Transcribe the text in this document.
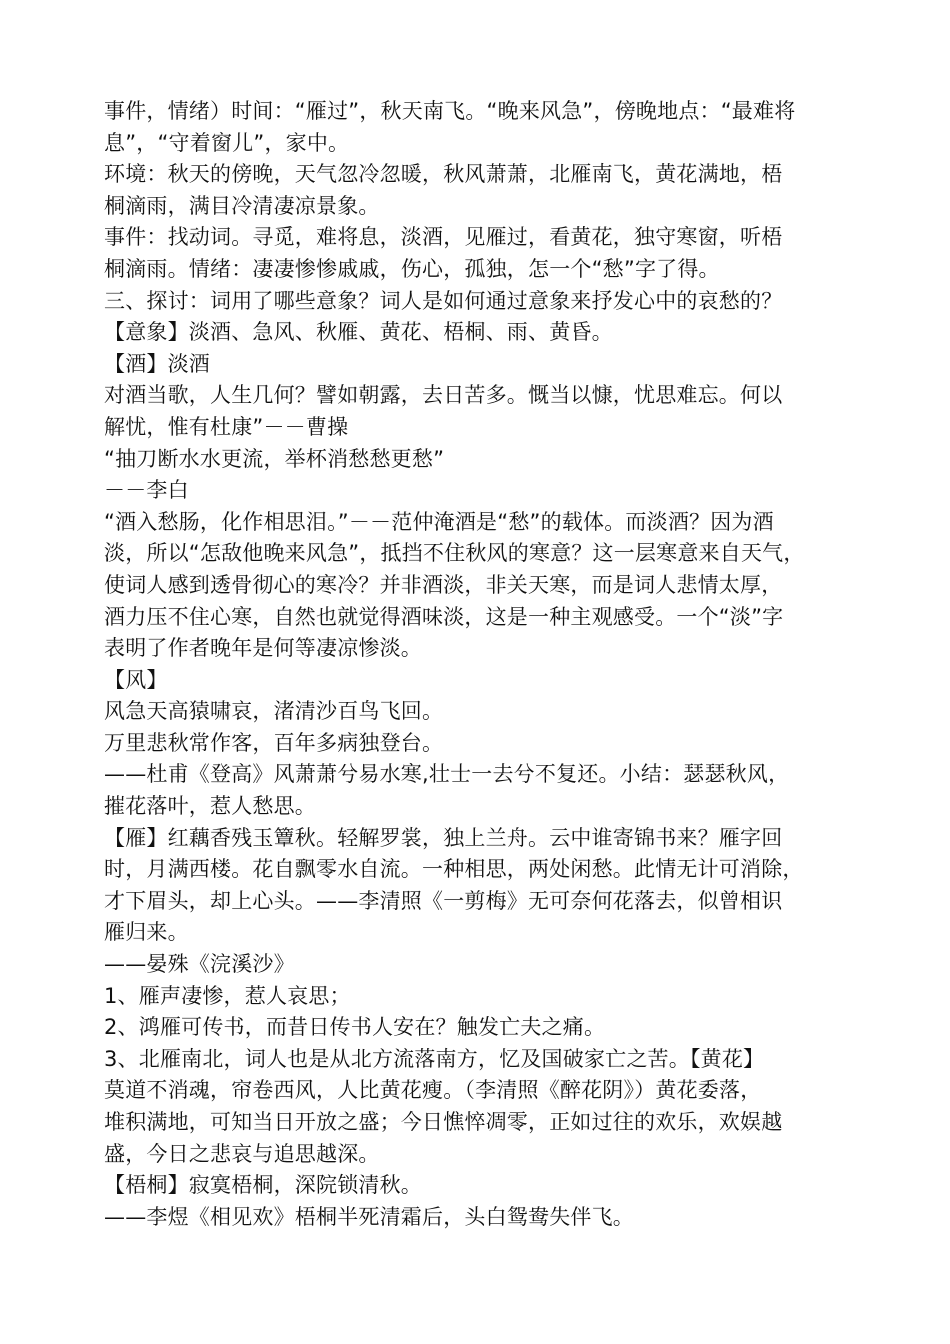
事件，情绪）时间：“雁过”，秋天南飞。“晚来风急”，傍晚地点：“最难将
息”，“守着窗儿”，家中。
环境：秋天的傍晚，天气忽冷忽暖，秋风萧萧，北雁南飞，黄花满地，梧
桐滴雨，满目冷清凄凉景象。
事件：找动词。寻觅，难将息，淡酒，见雁过，看黄花，独守寒窗，听梧
桐滴雨。情绪：凄凄惨惨戚戚，伤心，孤独，怎一个“愁”字了得。
三、探讨：词用了哪些意象？词人是如何通过意象来抒发心中的哀愁的？
【意象】淡酒、急风、秋雁、黄花、梧桐、雨、黄昏。
【酒】淡酒
对酒当歌，人生几何？譬如朝露，去日苦多。慨当以慷，忧思难忘。何以
解忧，惟有杜康”－－曹操
“抽刀断水水更流，举杯消愁愁更愁”
－－李白
“酒入愁肠，化作相思泪。”－－范仲淹酒是“愁”的载体。而淡酒？因为酒
淡，所以“怎敌他晚来风急”，抵挡不住秋风的寒意？这一层寒意来自天气，
使词人感到透骨彻心的寒冷？并非酒淡，非关天寒，而是词人悲情太厚，
酒力压不住心寒，自然也就觉得酒味淡，这是一种主观感受。一个“淡”字
表明了作者晚年是何等凄凉惨淡。
【风】
风急天高猿啸哀，渚清沙百鸟飞回。
万里悲秋常作客，百年多病独登台。
——杜甫《登高》风萧萧兮易水寒,壮士一去兮不复还。小结：瑟瑟秋风，
摧花落叶，惹人愁思。
【雁】红藕香残玉簟秋。轻解罗裳，独上兰舟。云中谁寄锦书来？雁字回
时，月满西楼。花自飘零水自流。一种相思，两处闲愁。此情无计可消除，
才下眉头，却上心头。——李清照《一剪梅》无可奈何花落去，似曾相识
雁归来。
——晏殊《浣溪沙》
1、雁声凄惨，惹人哀思；
2、鸿雁可传书，而昔日传书人安在？触发亡夫之痛。
3、北雁南北，词人也是从北方流落南方，忆及国破家亡之苦。【黄花】
莫道不消魂，帘卷西风，人比黄花瘦。（李清照《醉花阴》）黄花委落，
堆积满地，可知当日开放之盛；今日憔悴凋零，正如过往的欢乐，欢娱越
盛，今日之悲哀与追思越深。
【梧桐】寂寞梧桐，深院锁清秋。
——李煜《相见欢》梧桐半死清霜后，头白鸳鸯失伴飞。
